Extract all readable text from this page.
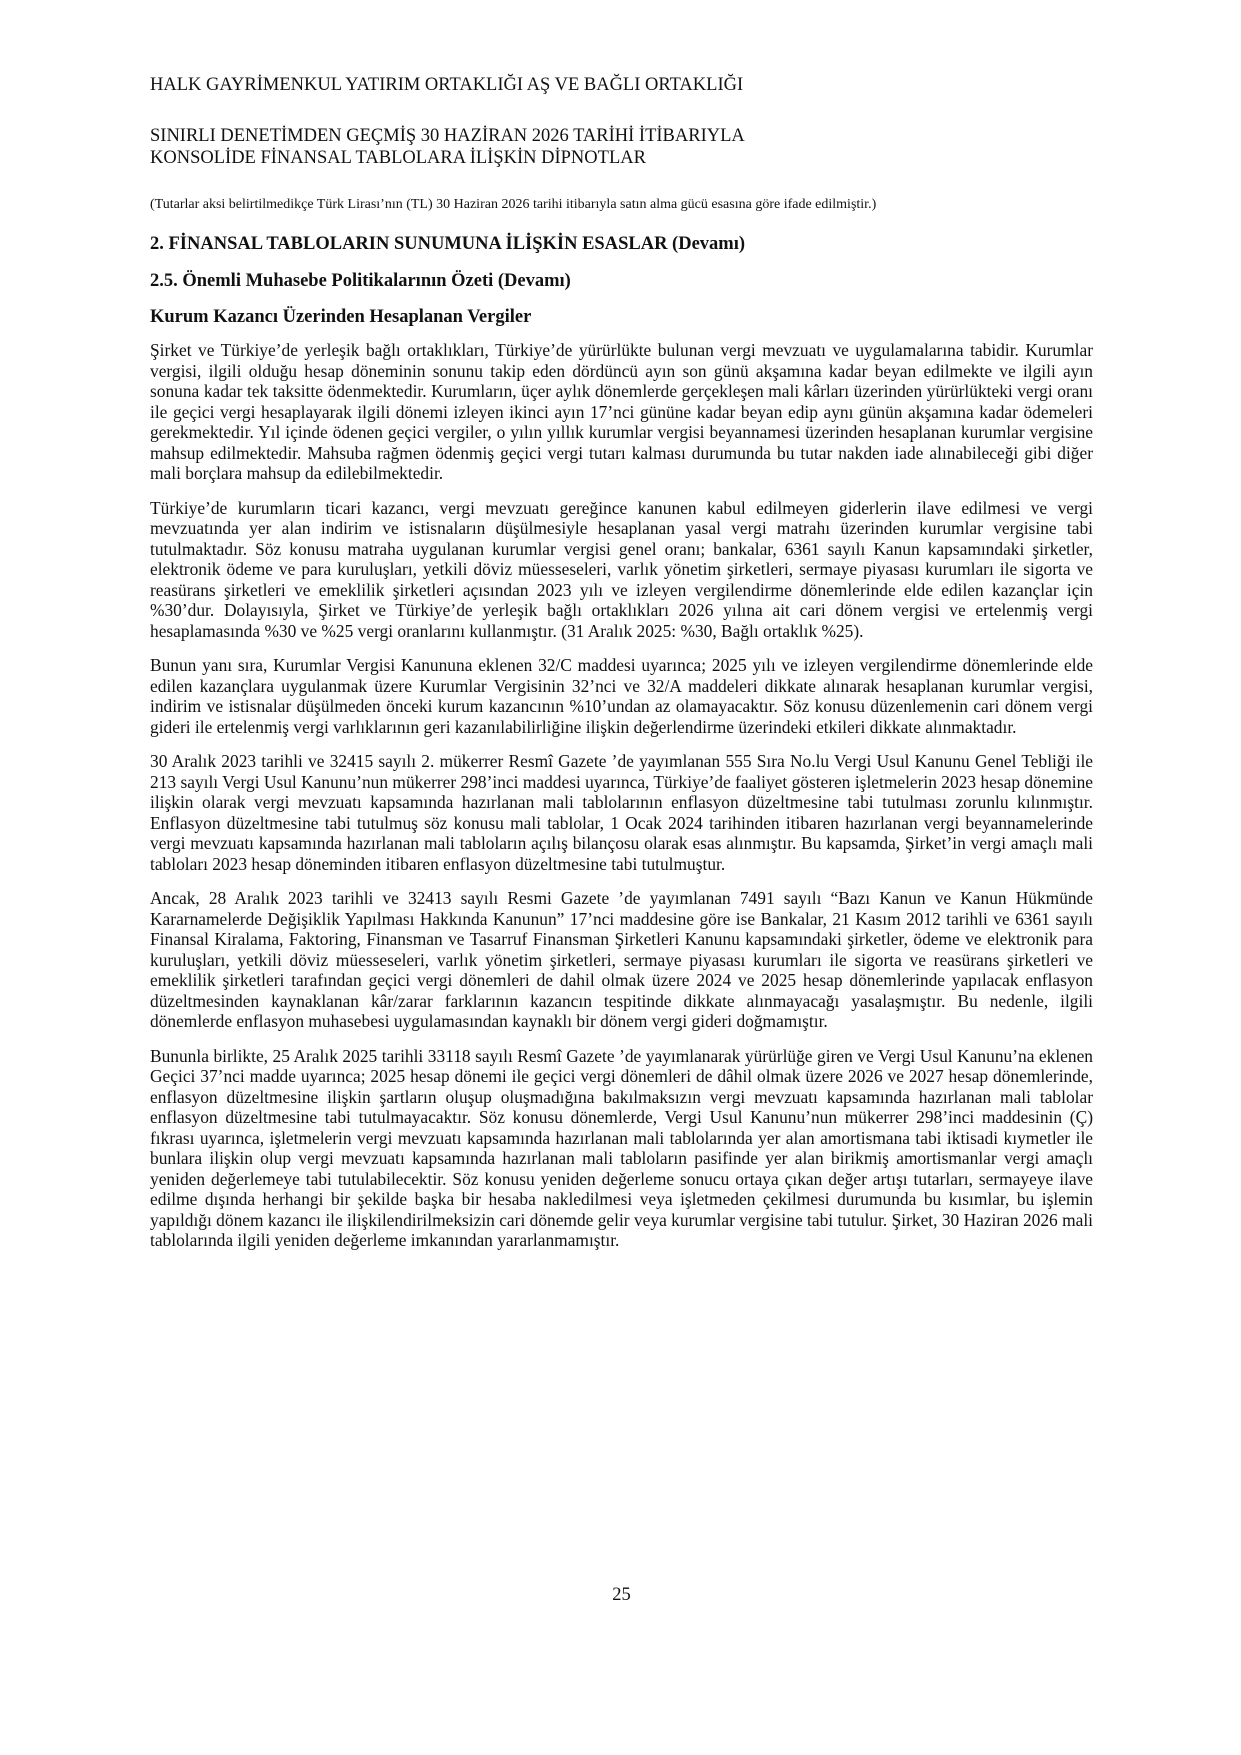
HALK GAYRİMENKUL YATIRIM ORTAKLIĞI AŞ VE BAĞLI ORTAKLIĞI
SINIRLI DENETİMDEN GEÇMİŞ 30 HAZİRAN 2026 TARİHİ İTİBARIYLA
KONSOLİDE FİNANSAL TABLOLARA İLİŞKİN DİPNOTLAR
(Tutarlar aksi belirtilmedikçe Türk Lirası’nın (TL) 30 Haziran 2026 tarihi itibarıyla satın alma gücü esasına göre ifade edilmiştir.)
2. FİNANSAL TABLOLARIN SUNUMUNA İLİŞKİN ESASLAR (Devamı)
2.5. Önemli Muhasebe Politikalarının Özeti (Devamı)
Kurum Kazancı Üzerinden Hesaplanan Vergiler

Şirket ve Türkiye’de yerleşik bağlı ortaklıkları, Türkiye’de yürürlükte bulunan vergi mevzuatı ve uygulamalarına tabidir. Kurumlar vergisi, ilgili olduğu hesap döneminin sonunu takip eden dördüncü ayın son günü akşamına kadar beyan edilmekte ve ilgili ayın sonuna kadar tek taksitte ödenmektedir. Kurumların, üçer aylık dönemlerde gerçekleşen mali kârları üzerinden yürürlükteki vergi oranı ile geçici vergi hesaplayarak ilgili dönemi izleyen ikinci ayın 17’nci gününe kadar beyan edip aynı günün akşamına kadar ödemeleri gerekmektedir. Yıl içinde ödenen geçici vergiler, o yılın yıllık kurumlar vergisi beyannamesi üzerinden hesaplanan kurumlar vergisine mahsup edilmektedir. Mahsuba rağmen ödenmiş geçici vergi tutarı kalması durumunda bu tutar nakden iade alınabileceği gibi diğer mali borçlara mahsup da edilebilmektedir.

Türkiye’de kurumların ticari kazancı, vergi mevzuatı gereğince kanunen kabul edilmeyen giderlerin ilave edilmesi ve vergi mevzuatında yer alan indirim ve istisnaların düşülmesiyle hesaplanan yasal vergi matrahı üzerinden kurumlar vergisine tabi tutulmaktadır. Söz konusu matraha uygulanan kurumlar vergisi genel oranı; bankalar, 6361 sayılı Kanun kapsamındaki şirketler, elektronik ödeme ve para kuruluşları, yetkili döviz müesseseleri, varlık yönetim şirketleri, sermaye piyasası kurumları ile sigorta ve reasürans şirketleri ve emeklilik şirketleri açısından 2023 yılı ve izleyen vergilendirme dönemlerinde elde edilen kazançlar için %30’dur. Dolayısıyla, Şirket ve Türkiye’de yerleşik bağlı ortaklıkları 2026 yılına ait cari dönem vergisi ve ertelenmiş vergi hesaplamasında %30 ve %25 vergi oranlarını kullanmıştır. (31 Aralık 2025: %30, Bağlı ortaklık %25).

Bunun yanı sıra, Kurumlar Vergisi Kanununa eklenen 32/C maddesi uyarınca; 2025 yılı ve izleyen vergilendirme dönemlerinde elde edilen kazançlara uygulanmak üzere Kurumlar Vergisinin 32’nci ve 32/A maddeleri dikkate alınarak hesaplanan kurumlar vergisi, indirim ve istisnalar düşülmeden önceki kurum kazancının %10’undan az olamayacaktır. Söz konusu düzenlemenin cari dönem vergi gideri ile ertelenmiş vergi varlıklarının geri kazanılabilirliğine ilişkin değerlendirme üzerindeki etkileri dikkate alınmaktadır.

30 Aralık 2023 tarihli ve 32415 sayılı 2. mükerrer Resmî Gazete ’de yayımlanan 555 Sıra No.lu Vergi Usul Kanunu Genel Tebliği ile 213 sayılı Vergi Usul Kanunu’nun mükerrer 298’inci maddesi uyarınca, Türkiye’de faaliyet gösteren işletmelerin 2023 hesap dönemine ilişkin olarak vergi mevzuatı kapsamında hazırlanan mali tablolarının enflasyon düzeltmesine tabi tutulması zorunlu kılınmıştır. Enflasyon düzeltmesine tabi tutulmuş söz konusu mali tablolar, 1 Ocak 2024 tarihinden itibaren hazırlanan vergi beyannamelerinde vergi mevzuatı kapsamında hazırlanan mali tabloların açılış bilançosu olarak esas alınmıştır. Bu kapsamda, Şirket’in vergi amaçlı mali tabloları 2023 hesap döneminden itibaren enflasyon düzeltmesine tabi tutulmuştur.

Ancak, 28 Aralık 2023 tarihli ve 32413 sayılı Resmi Gazete ’de yayımlanan 7491 sayılı “Bazı Kanun ve Kanun Hükmünde Kararnamelerde Değişiklik Yapılması Hakkında Kanunun” 17’nci maddesine göre ise Bankalar, 21 Kasım 2012 tarihli ve 6361 sayılı Finansal Kiralama, Faktoring, Finansman ve Tasarruf Finansman Şirketleri Kanunu kapsamındaki şirketler, ödeme ve elektronik para kuruluşları, yetkili döviz müesseseleri, varlık yönetim şirketleri, sermaye piyasası kurumları ile sigorta ve reasürans şirketleri ve emeklilik şirketleri tarafından geçici vergi dönemleri de dahil olmak üzere 2024 ve 2025 hesap dönemlerinde yapılacak enflasyon düzeltmesinden kaynaklanan kâr/zarar farklarının kazancın tespitinde dikkate alınmayacağı yasalaşmıştır. Bu nedenle, ilgili dönemlerde enflasyon muhasebesi uygulamasından kaynaklı bir dönem vergi gideri doğmamıştır.

Bununla birlikte, 25 Aralık 2025 tarihli 33118 sayılı Resmî Gazete ’de yayımlanarak yürürlüğe giren ve Vergi Usul Kanunu’na eklenen Geçici 37’nci madde uyarınca; 2025 hesap dönemi ile geçici vergi dönemleri de dâhil olmak üzere 2026 ve 2027 hesap dönemlerinde, enflasyon düzeltmesine ilişkin şartların oluşup oluşmadığına bakılmaksızın vergi mevzuatı kapsamında hazırlanan mali tablolar enflasyon düzeltmesine tabi tutulmayacaktır. Söz konusu dönemlerde, Vergi Usul Kanunu’nun mükerrer 298’inci maddesinin (Ç) fıkrası uyarınca, işletmelerin vergi mevzuatı kapsamında hazırlanan mali tablolarında yer alan amortismana tabi iktisadi kıymetler ile bunlara ilişkin olup vergi mevzuatı kapsamında hazırlanan mali tabloların pasifinde yer alan birikmiş amortismanlar vergi amaçlı yeniden değerlemeye tabi tutulabilecektir. Söz konusu yeniden değerleme sonucu ortaya çıkan değer artışı tutarları, sermayeye ilave edilme dışında herhangi bir şekilde başka bir hesaba nakledilmesi veya işletmeden çekilmesi durumunda bu kısımlar, bu işlemin yapıldığı dönem kazancı ile ilişkilendirilmeksizin cari dönemde gelir veya kurumlar vergisine tabi tutulur. Şirket, 30 Haziran 2026 mali tablolarında ilgili yeniden değerleme imkanından yararlanmamıştır.

25
